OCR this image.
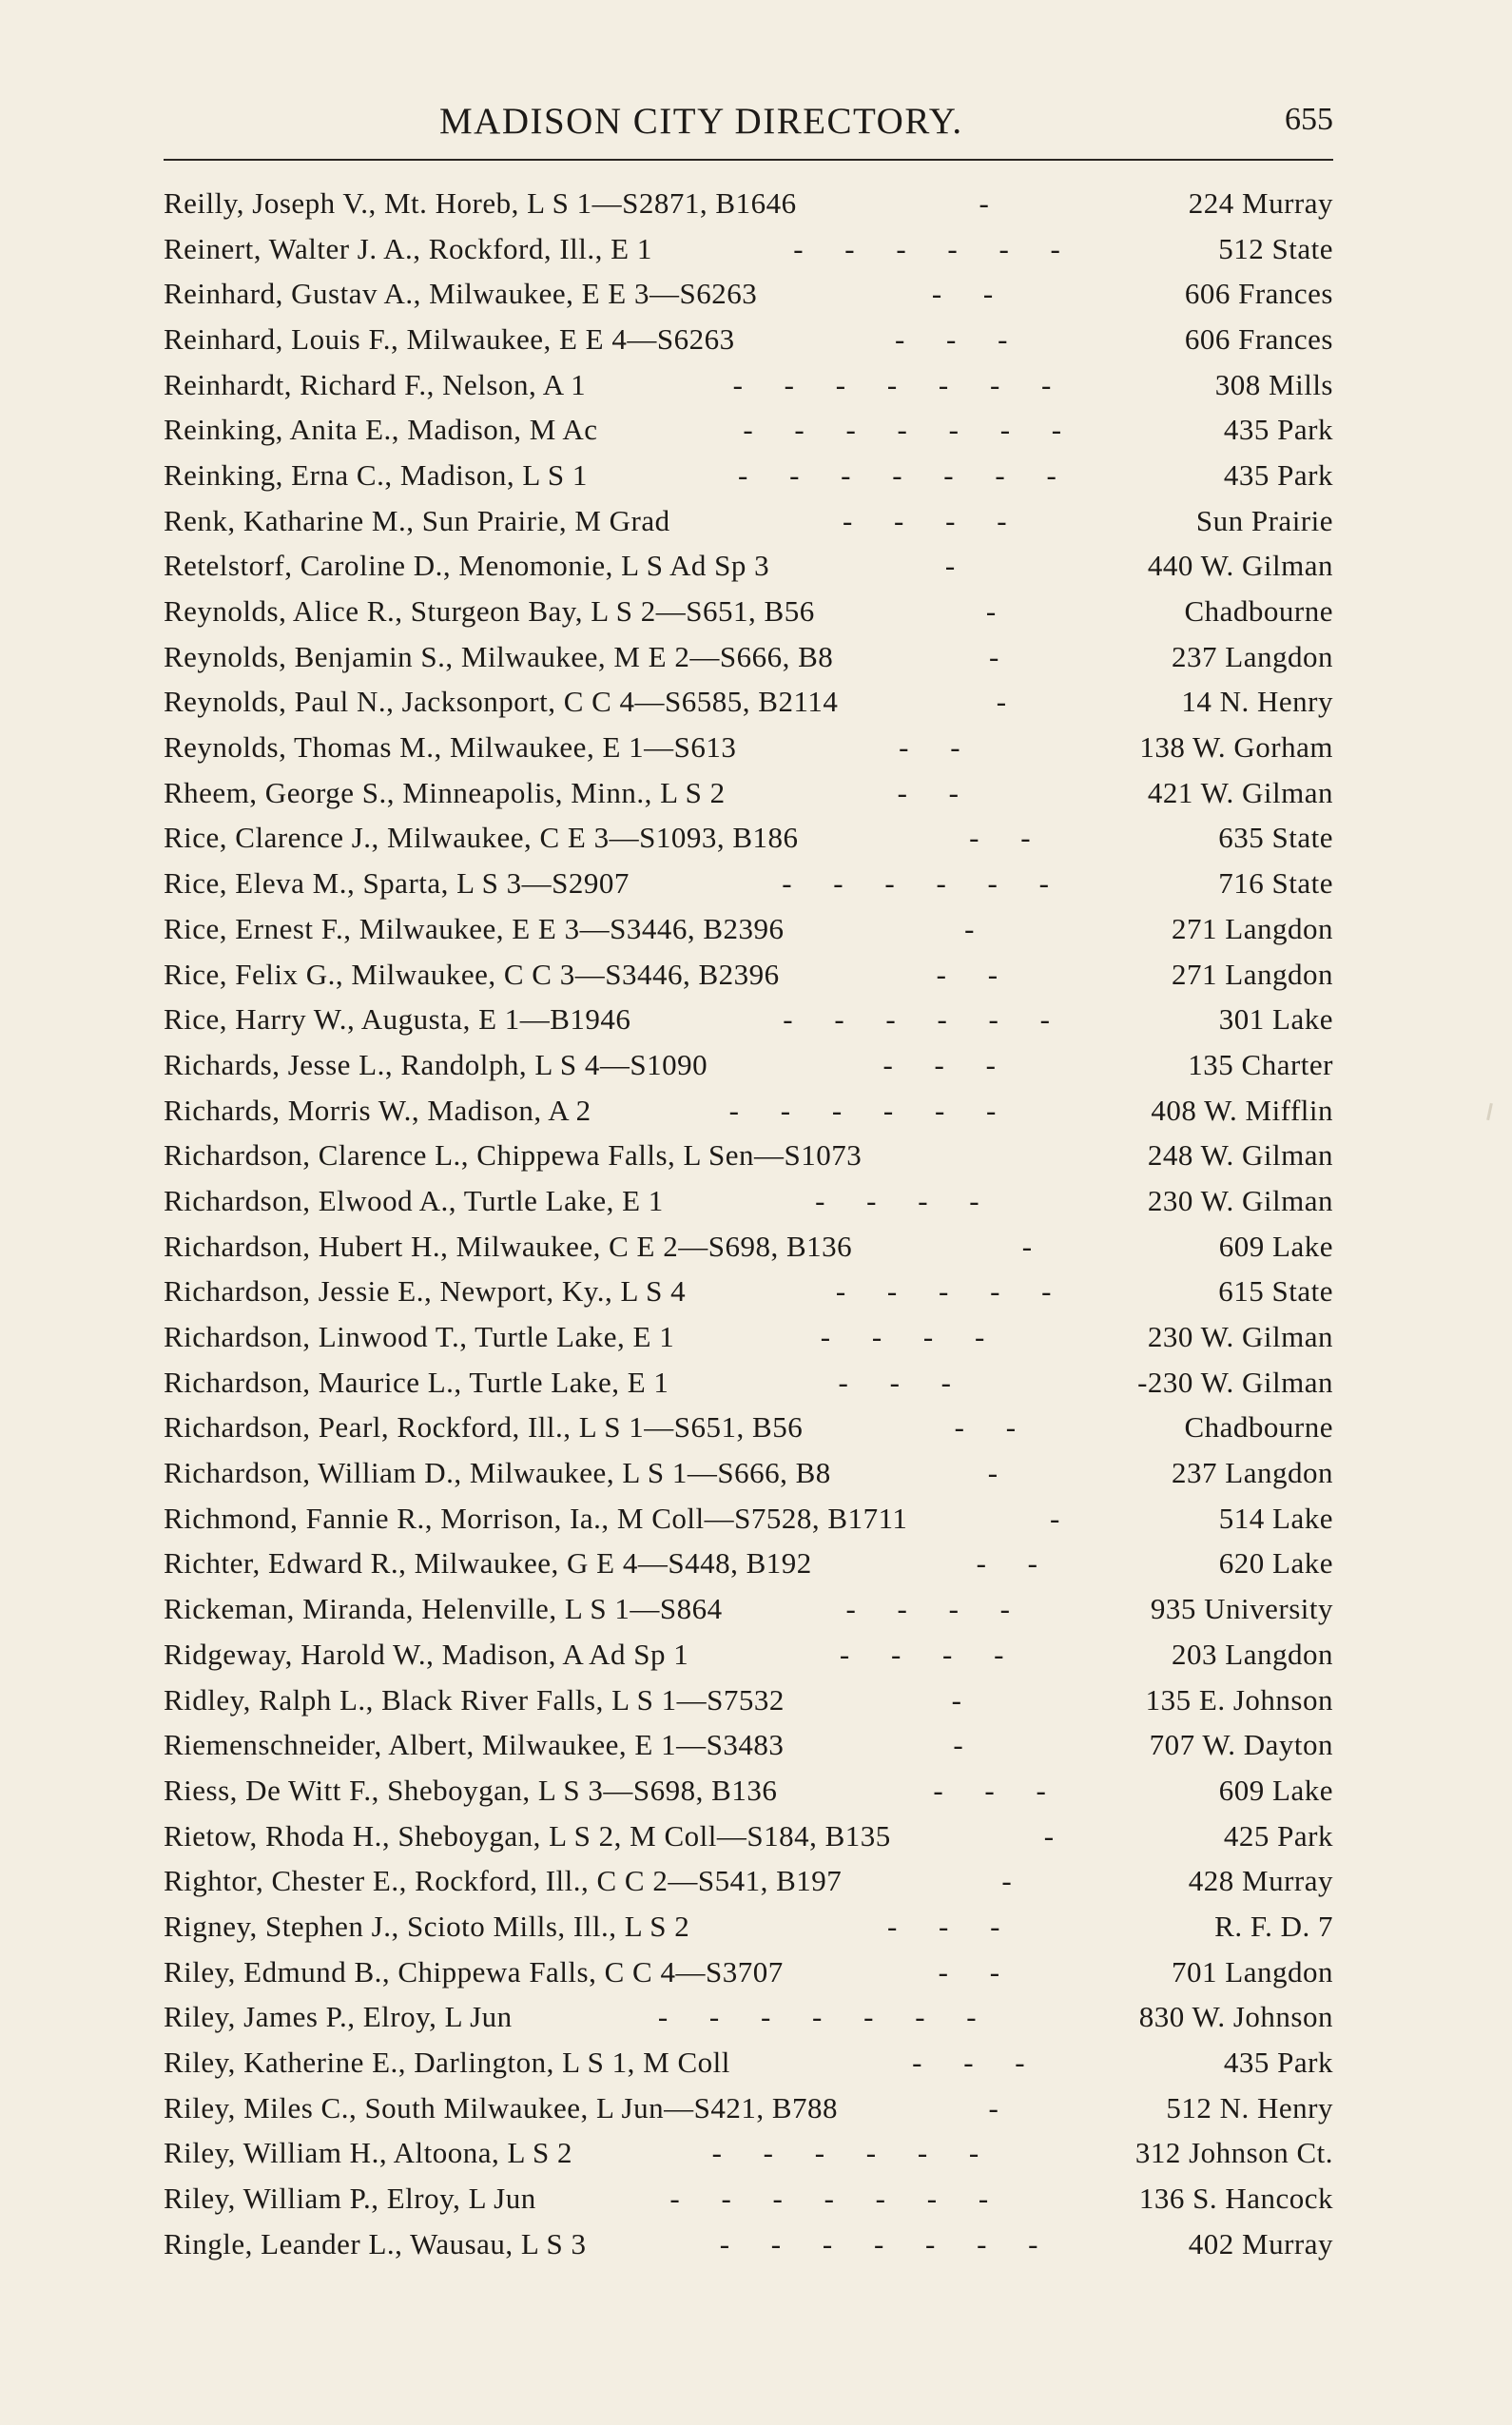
MADISON CITY DIRECTORY.	655
Reilly, Joseph V., Mt. Horeb, L S 1—S2871, B1646	-	224 Murray
Reinert, Walter J. A., Rockford, Ill., E 1	- - - - - -	512 State
Reinhard, Gustav A., Milwaukee, E E 3—S6263	- -	606 Frances
Reinhard, Louis F., Milwaukee, E E 4—S6263	- - -	606 Frances
Reinhardt, Richard F., Nelson, A 1	- - - - - - -	308 Mills
Reinking, Anita E., Madison, M Ac	- - - - - - -	435 Park
Reinking, Erna C., Madison, L S 1	- - - - - - -	435 Park
Renk, Katharine M., Sun Prairie, M Grad	- - - -	Sun Prairie
Retelstorf, Caroline D., Menomonie, L S Ad Sp 3	-	440 W. Gilman
Reynolds, Alice R., Sturgeon Bay, L S 2—S651, B56	-	Chadbourne
Reynolds, Benjamin S., Milwaukee, M E 2—S666, B8	-	237 Langdon
Reynolds, Paul N., Jacksonport, C C 4—S6585, B2114	-	14 N. Henry
Reynolds, Thomas M., Milwaukee, E 1—S613	- -	138 W. Gorham
Rheem, George S., Minneapolis, Minn., L S 2	- -	421 W. Gilman
Rice, Clarence J., Milwaukee, C E 3—S1093, B186	- -	635 State
Rice, Eleva M., Sparta, L S 3—S2907	- - - - - -	716 State
Rice, Ernest F., Milwaukee, E E 3—S3446, B2396	-	271 Langdon
Rice, Felix G., Milwaukee, C C 3—S3446, B2396	- -	271 Langdon
Rice, Harry W., Augusta, E 1—B1946	- - - - - -	301 Lake
Richards, Jesse L., Randolph, L S 4—S1090	- - -	135 Charter
Richards, Morris W., Madison, A 2	- - - - - -	408 W. Mifflin
Richardson, Clarence L., Chippewa Falls, L Sen—S1073	248 W. Gilman
Richardson, Elwood A., Turtle Lake, E 1	- - - -	230 W. Gilman
Richardson, Hubert H., Milwaukee, C E 2—S698, B136	-	609 Lake
Richardson, Jessie E., Newport, Ky., L S 4	- - - - -	615 State
Richardson, Linwood T., Turtle Lake, E 1	- - - -	230 W. Gilman
Richardson, Maurice L., Turtle Lake, E 1	- - -	-230 W. Gilman
Richardson, Pearl, Rockford, Ill., L S 1—S651, B56	- -	Chadbourne
Richardson, William D., Milwaukee, L S 1—S666, B8	-	237 Langdon
Richmond, Fannie R., Morrison, Ia., M Coll—S7528, B1711	-	514 Lake
Richter, Edward R., Milwaukee, G E 4—S448, B192	- -	620 Lake
Rickeman, Miranda, Helenville, L S 1—S864	- - - -	935 University
Ridgeway, Harold W., Madison, A Ad Sp 1	- - - -	203 Langdon
Ridley, Ralph L., Black River Falls, L S 1—S7532	-	135 E. Johnson
Riemenschneider, Albert, Milwaukee, E 1—S3483	-	707 W. Dayton
Riess, De Witt F., Sheboygan, L S 3—S698, B136	- - -	609 Lake
Rietow, Rhoda H., Sheboygan, L S 2, M Coll—S184, B135	-	425 Park
Rightor, Chester E., Rockford, Ill., C C 2—S541, B197	-	428 Murray
Rigney, Stephen J., Scioto Mills, Ill., L S 2	- - -	R. F. D. 7
Riley, Edmund B., Chippewa Falls, C C 4—S3707	- -	701 Langdon
Riley, James P., Elroy, L Jun	- - - - - - -	830 W. Johnson
Riley, Katherine E., Darlington, L S 1, M Coll	- - -	435 Park
Riley, Miles C., South Milwaukee, L Jun—S421, B788	-	512 N. Henry
Riley, William H., Altoona, L S 2	- - - - - -	312 Johnson Ct.
Riley, William P., Elroy, L Jun	- - - - - - -	136 S. Hancock
Ringle, Leander L., Wausau, L S 3	- - - - - - -	402 Murray
